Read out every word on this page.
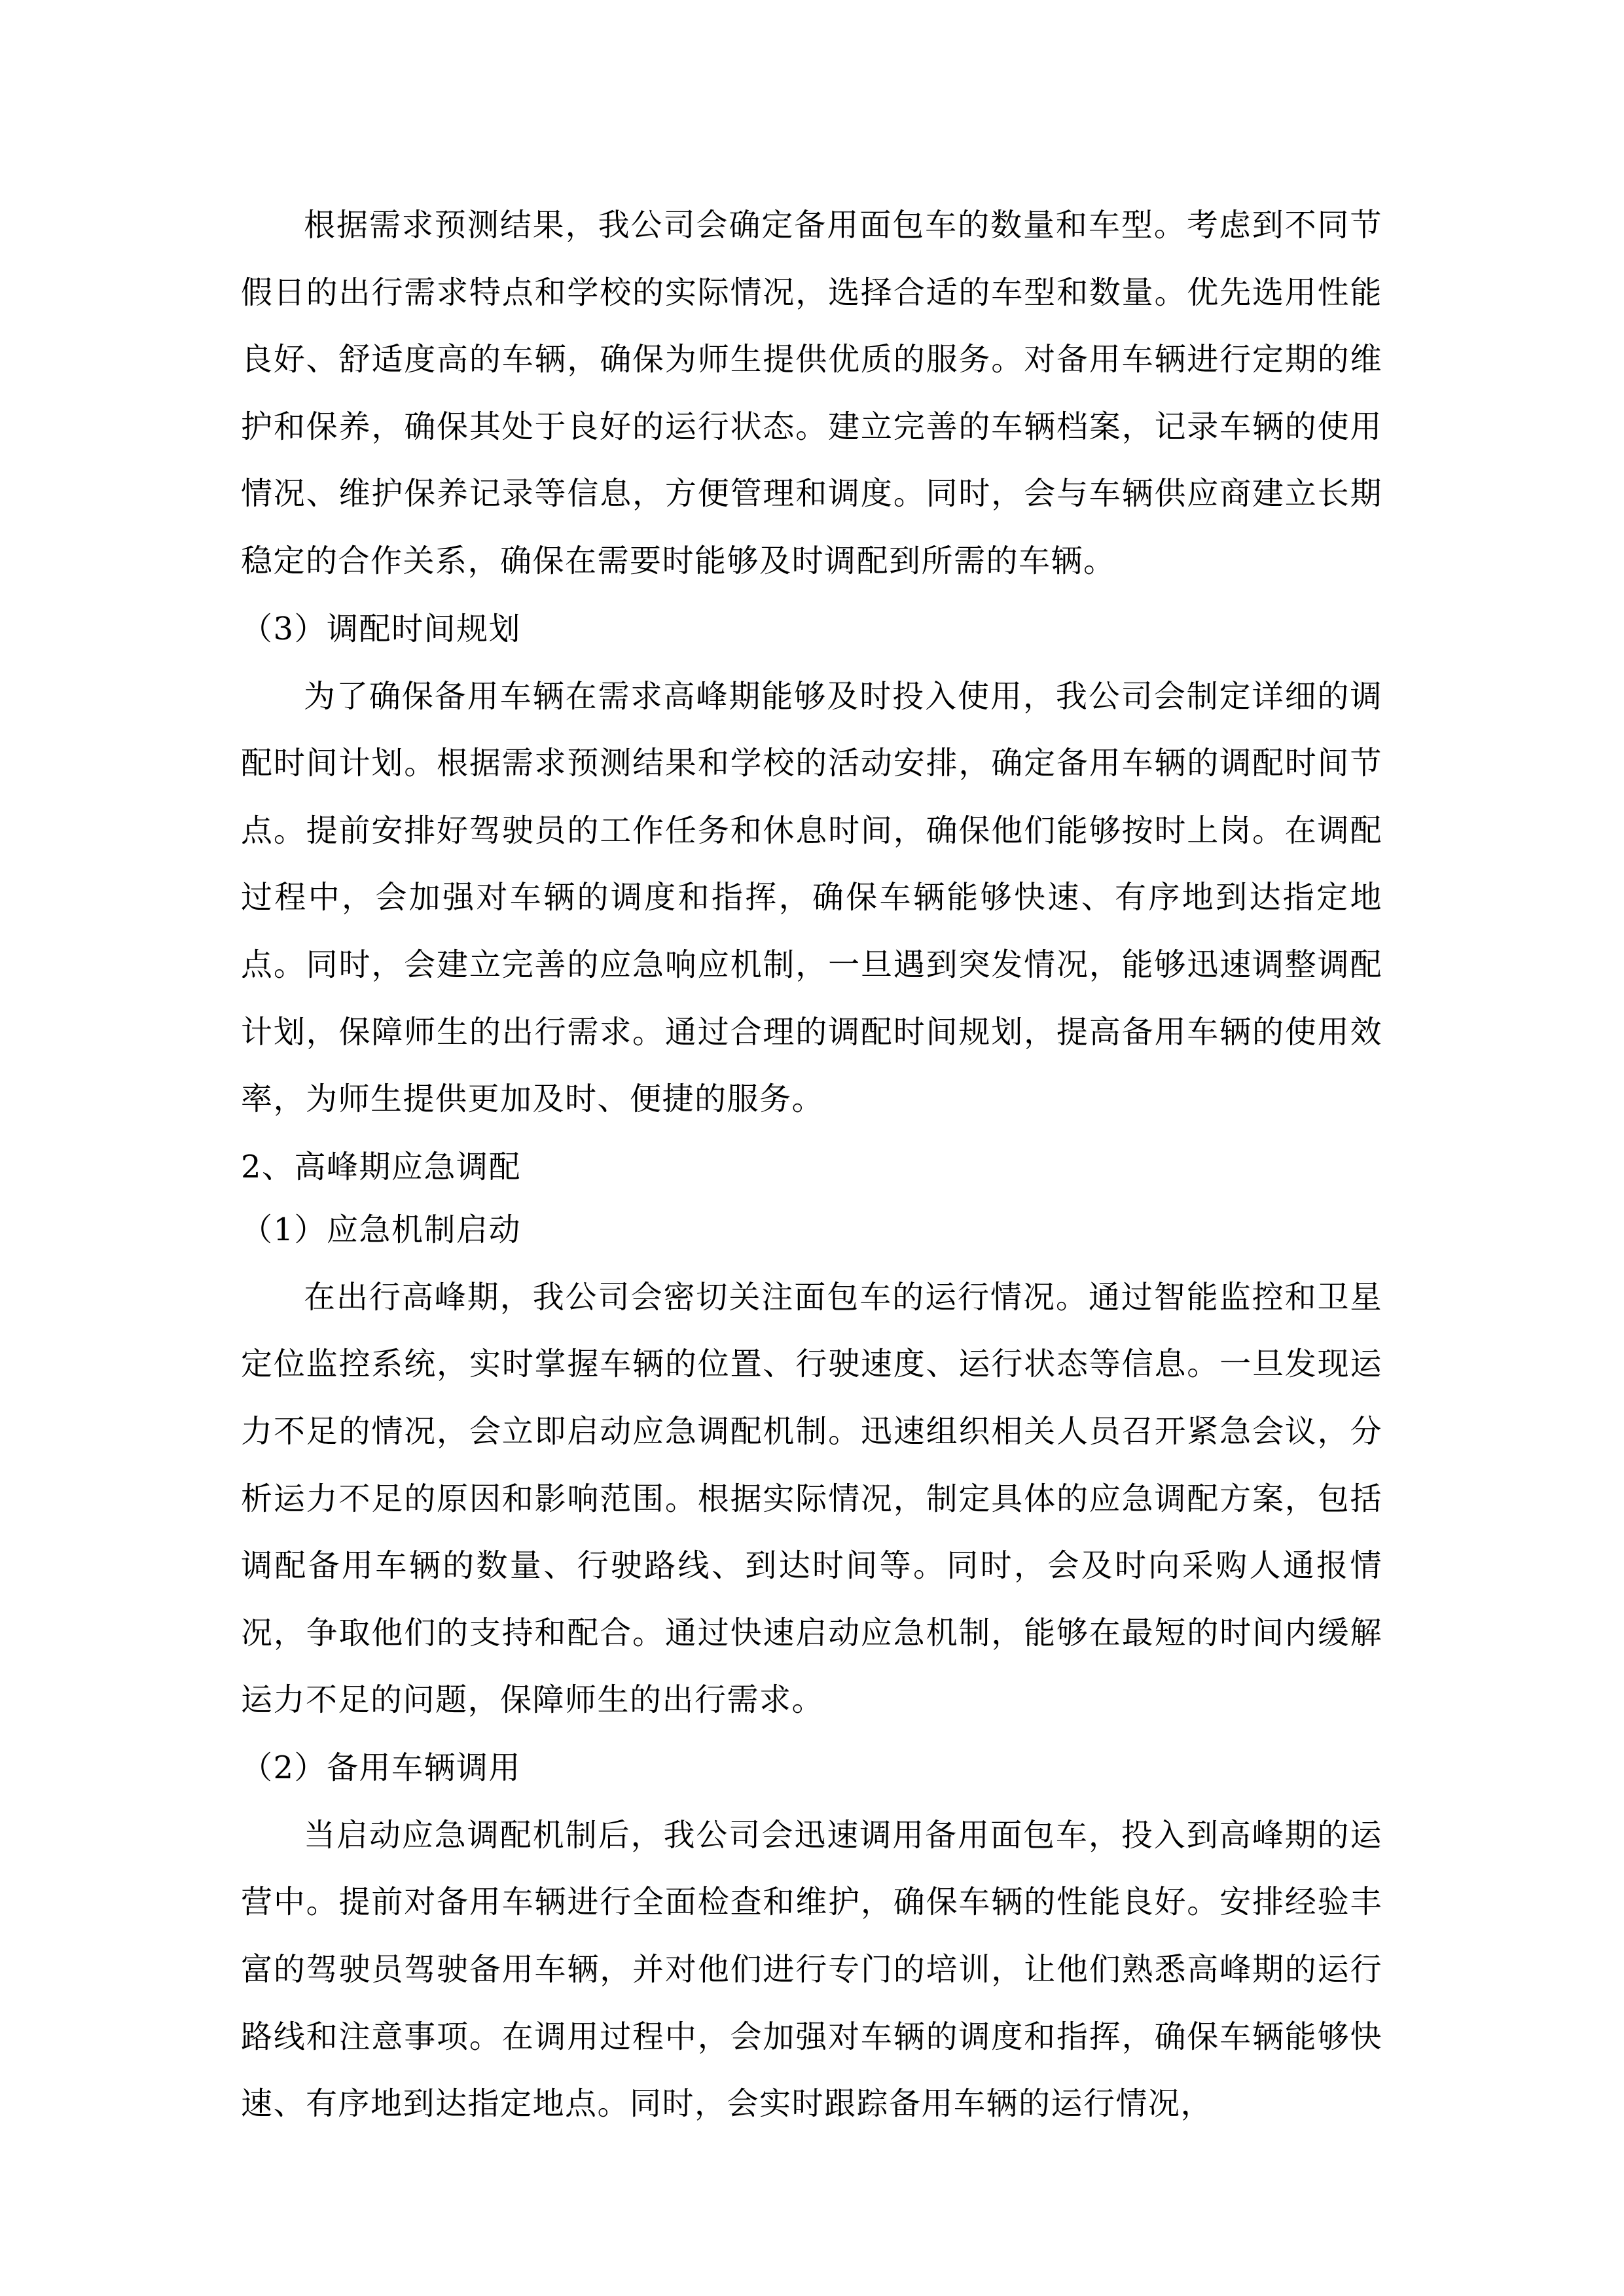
根据需求预测结果，我公司会确定备用面包车的数量和车型。考虑到不同节假日的出行需求特点和学校的实际情况，选择合适的车型和数量。优先选用性能良好、舒适度高的车辆，确保为师生提供优质的服务。对备用车辆进行定期的维护和保养，确保其处于良好的运行状态。建立完善的车辆档案，记录车辆的使用情况、维护保养记录等信息，方便管理和调度。同时，会与车辆供应商建立长期稳定的合作关系，确保在需要时能够及时调配到所需的车辆。

（3）调配时间规划

为了确保备用车辆在需求高峰期能够及时投入使用，我公司会制定详细的调配时间计划。根据需求预测结果和学校的活动安排，确定备用车辆的调配时间节点。提前安排好驾驶员的工作任务和休息时间，确保他们能够按时上岗。在调配过程中，会加强对车辆的调度和指挥，确保车辆能够快速、有序地到达指定地点。同时，会建立完善的应急响应机制，一旦遇到突发情况，能够迅速调整调配计划，保障师生的出行需求。通过合理的调配时间规划，提高备用车辆的使用效率，为师生提供更加及时、便捷的服务。

2、高峰期应急调配

（1）应急机制启动

在出行高峰期，我公司会密切关注面包车的运行情况。通过智能监控和卫星定位监控系统，实时掌握车辆的位置、行驶速度、运行状态等信息。一旦发现运力不足的情况，会立即启动应急调配机制。迅速组织相关人员召开紧急会议，分析运力不足的原因和影响范围。根据实际情况，制定具体的应急调配方案，包括调配备用车辆的数量、行驶路线、到达时间等。同时，会及时向采购人通报情况，争取他们的支持和配合。通过快速启动应急机制，能够在最短的时间内缓解运力不足的问题，保障师生的出行需求。

（2）备用车辆调用

当启动应急调配机制后，我公司会迅速调用备用面包车，投入到高峰期的运营中。提前对备用车辆进行全面检查和维护，确保车辆的性能良好。安排经验丰富的驾驶员驾驶备用车辆，并对他们进行专门的培训，让他们熟悉高峰期的运行路线和注意事项。在调用过程中，会加强对车辆的调度和指挥，确保车辆能够快速、有序地到达指定地点。同时，会实时跟踪备用车辆的运行情况，
